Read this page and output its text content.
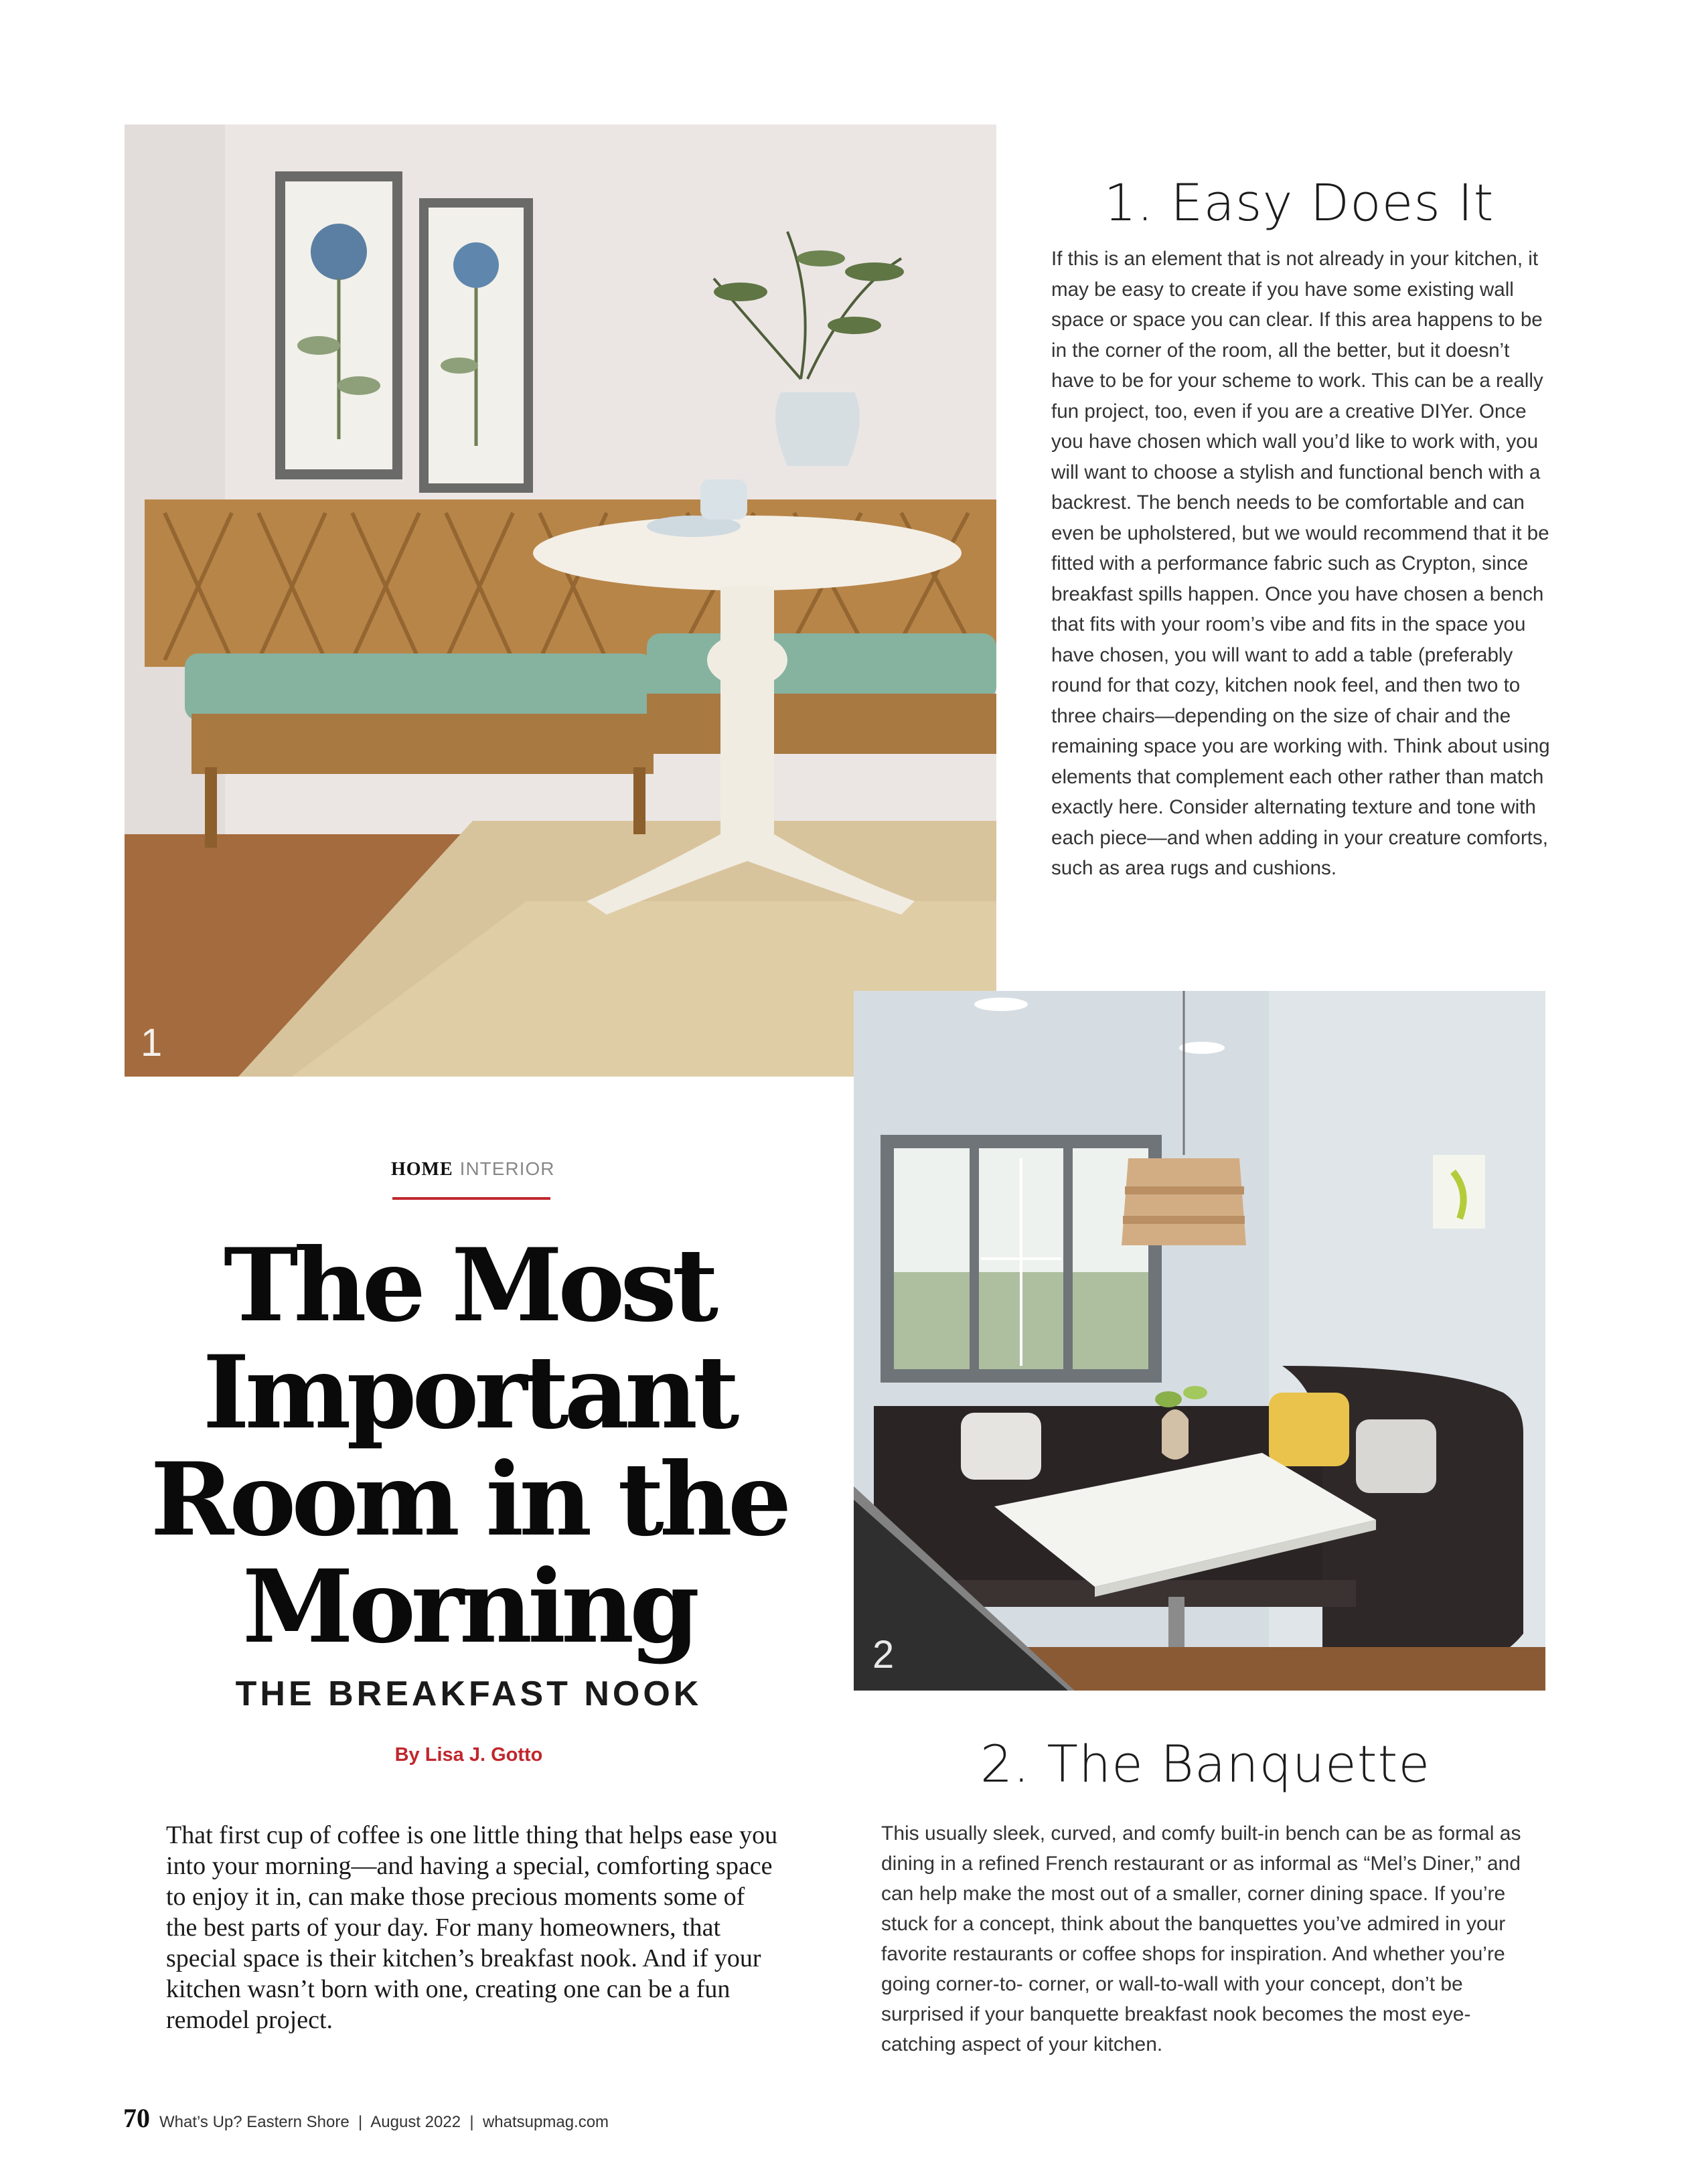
1
1. Easy Does It

If this is an element that is not already in your kitchen, it may be easy to create if you have some existing wall space or space you can clear. If this area happens to be in the corner of the room, all the better, but it doesn’t have to be for your scheme to work. This can be a really fun project, too, even if you are a creative DIYer. Once you have chosen which wall you’d like to work with, you will want to choose a stylish and functional bench with a backrest. The bench needs to be comfortable and can even be upholstered, but we would recommend that it be fitted with a performance fabric such as Crypton, since breakfast spills happen. Once you have chosen a bench that fits with your room’s vibe and fits in the space you have chosen, you will want to add a table (preferably round for that cozy, kitchen nook feel, and then two to three chairs—depending on the size of chair and the remaining space you are working with. Think about using elements that complement each other rather than match exactly here. Consider alternating texture and tone with each piece—and when adding in your creature comforts, such as area rugs and cushions.

2
HOME INTERIOR
The Most
Important
Room in the
Morning
THE BREAKFAST NOOK
By Lisa J. Gotto

That first cup of coffee is one little thing that helps ease you into your morning—and having a special, comforting space to enjoy it in, can make those precious moments some of the best parts of your day. For many homeowners, that special space is their kitchen’s breakfast nook. And if your kitchen wasn’t born with one, creating one can be a fun remodel project.

2. The Banquette

This usually sleek, curved, and comfy built-in bench can be as formal as dining in a refined French restaurant or as informal as “Mel’s Diner,” and can help make the most out of a smaller, corner dining space. If you’re stuck for a concept, think about the banquettes you’ve admired in your favorite restaurants or coffee shops for inspiration. And whether you’re going corner-to- corner, or wall-to-wall with your concept, don’t be surprised if your banquette breakfast nook becomes the most eye-catching aspect of your kitchen.

70 What’s Up? Eastern Shore  |  August 2022  |  whatsupmag.com
